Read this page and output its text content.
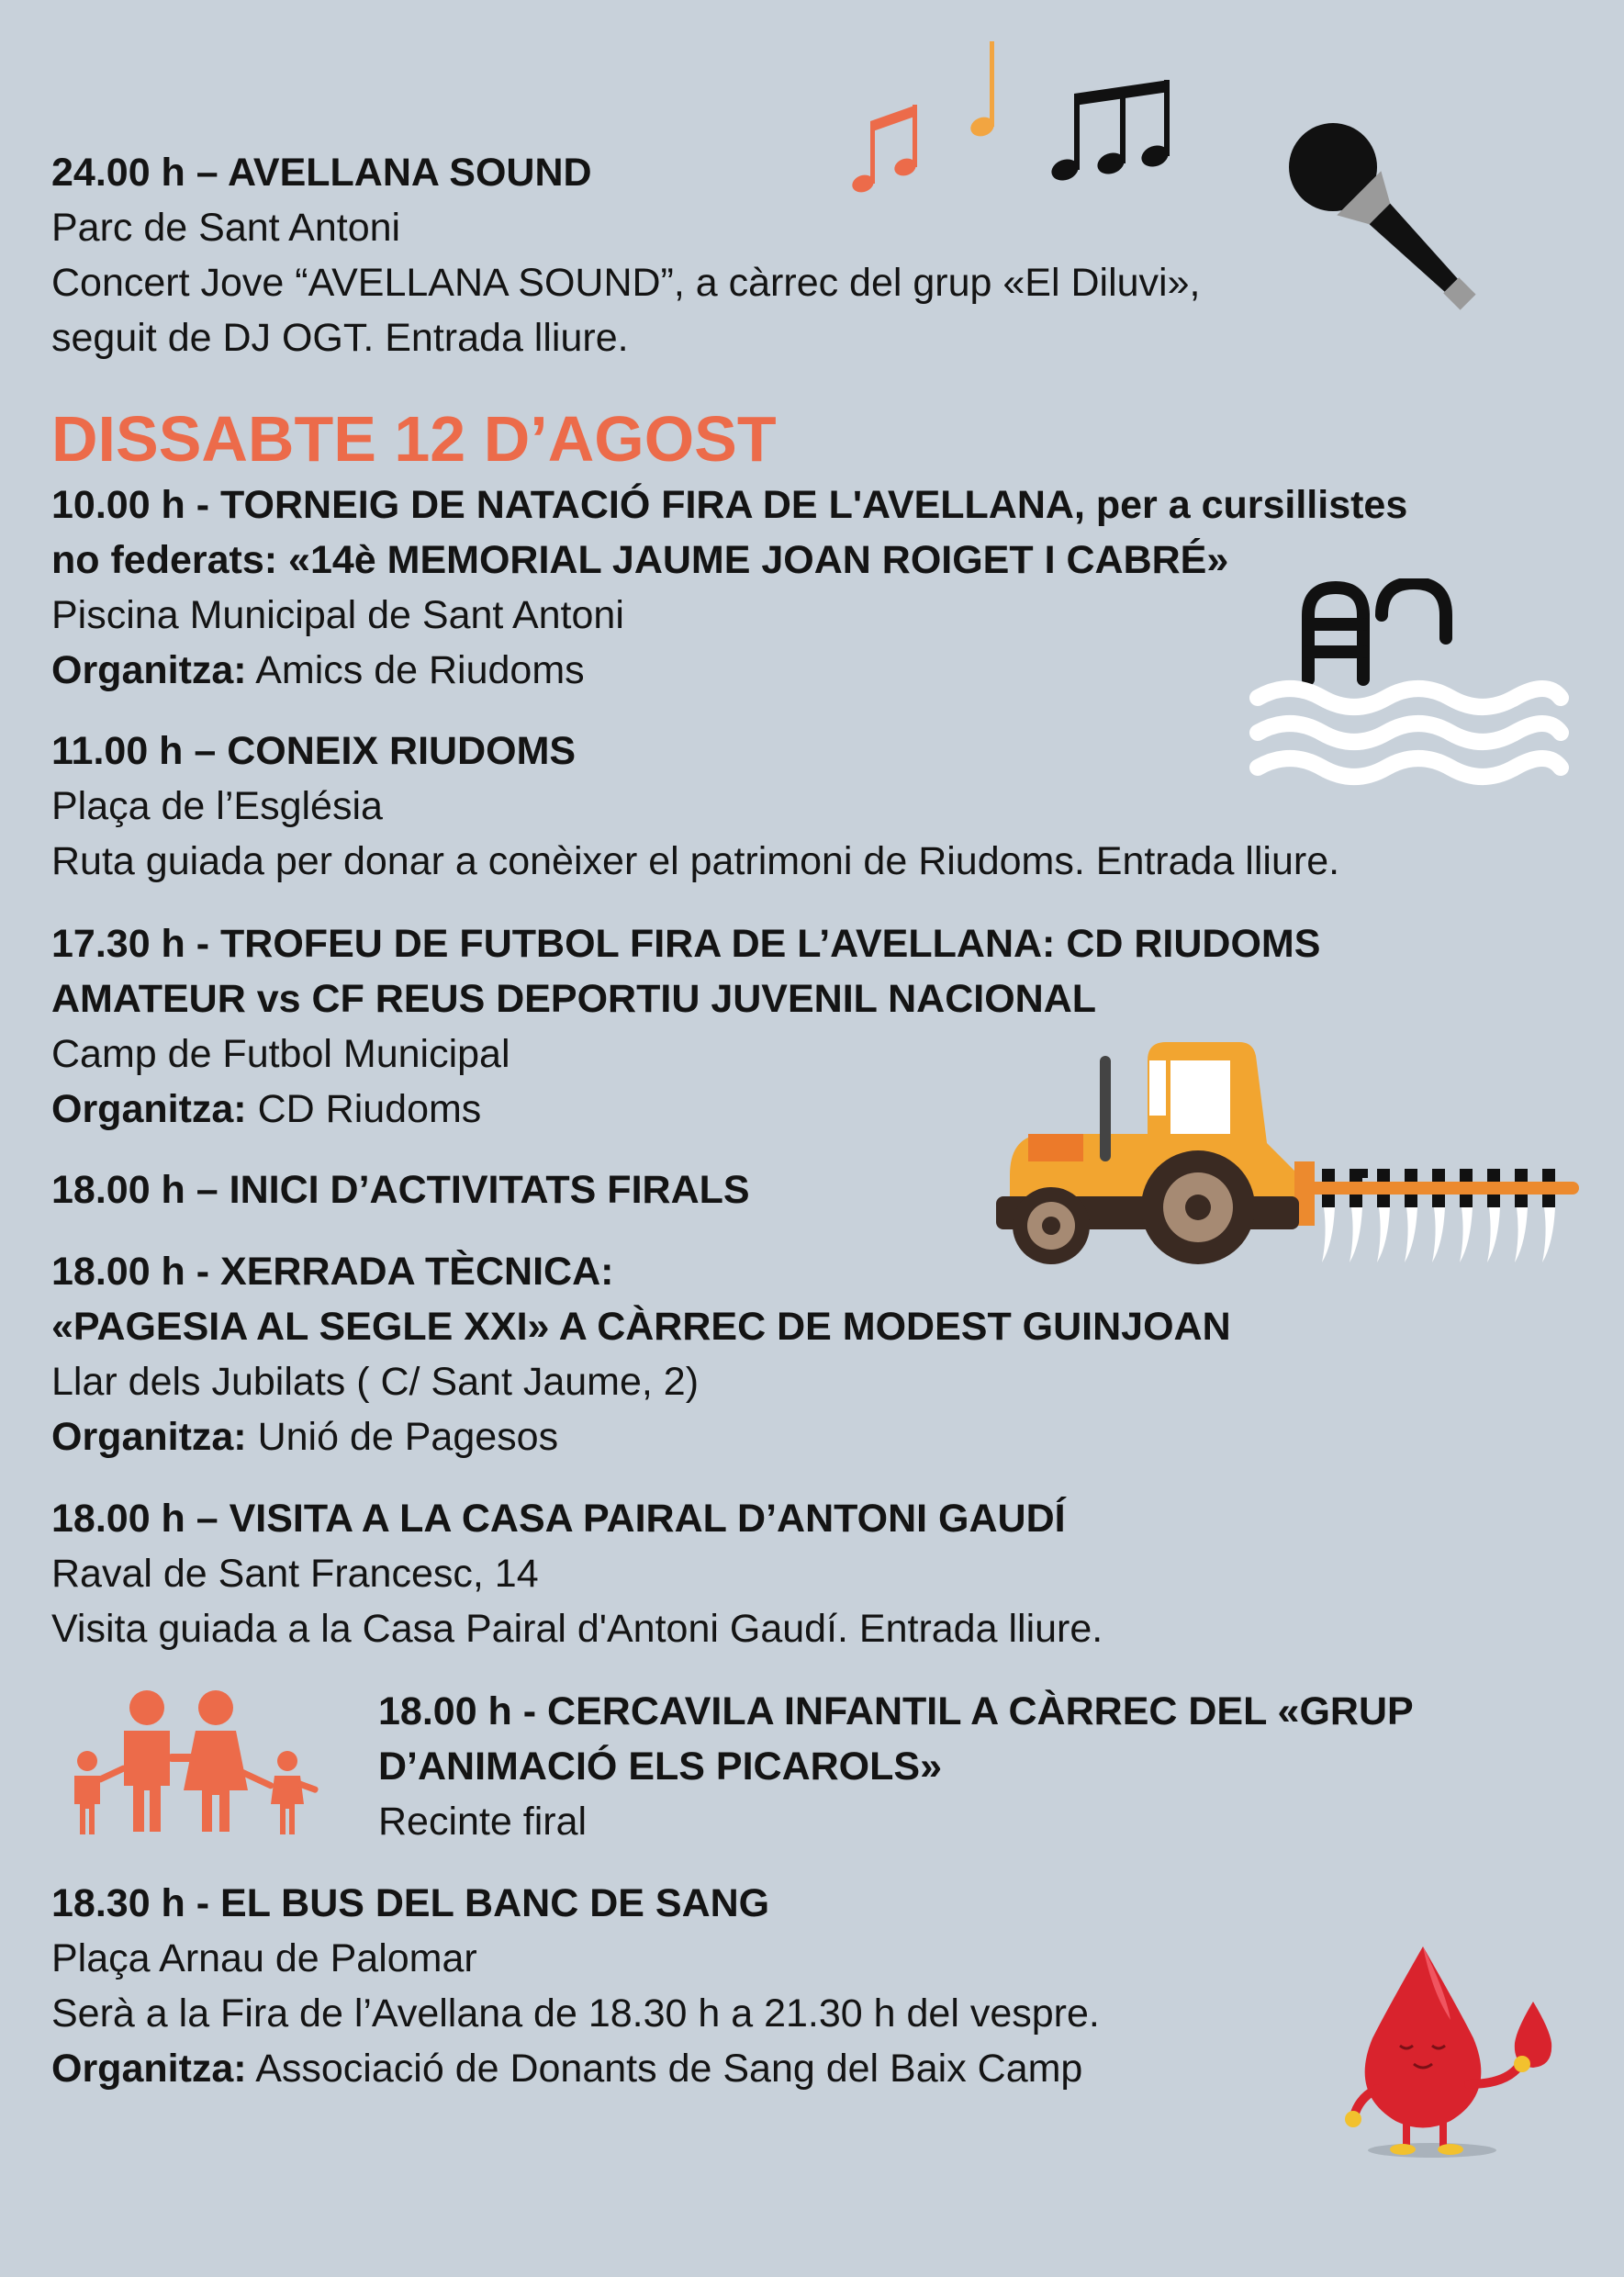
24.00 h – AVELLANA SOUND
Parc de Sant Antoni
Concert Jove “AVELLANA SOUND”, a càrrec del grup «El Diluvi»,
seguit de DJ OGT. Entrada lliure.
DISSABTE 12 D’AGOST
10.00 h - TORNEIG DE NATACIÓ FIRA DE L'AVELLANA, per a cursillistes
no federats: «14è MEMORIAL JAUME JOAN ROIGET I CABRÉ»
Piscina Municipal de Sant Antoni
Organitza: Amics de Riudoms
11.00 h – CONEIX RIUDOMS
Plaça de l’Església
Ruta guiada per donar a conèixer el patrimoni de Riudoms. Entrada lliure.
17.30 h - TROFEU DE FUTBOL FIRA DE L’AVELLANA: CD RIUDOMS
AMATEUR vs CF REUS DEPORTIU JUVENIL NACIONAL
Camp de Futbol Municipal
Organitza: CD Riudoms
18.00 h – INICI D’ACTIVITATS FIRALS
18.00 h - XERRADA TÈCNICA:
«PAGESIA AL SEGLE XXI» A CÀRREC DE MODEST GUINJOAN
Llar dels Jubilats ( C/ Sant Jaume, 2)
Organitza: Unió de Pagesos
18.00 h – VISITA A LA CASA PAIRAL D’ANTONI GAUDÍ
Raval de Sant Francesc, 14
Visita guiada a la Casa Pairal d'Antoni Gaudí. Entrada lliure.
18.00 h - CERCAVILA INFANTIL A CÀRREC DEL «GRUP
D’ANIMACIÓ ELS PICAROLS»
Recinte firal
18.30 h - EL BUS DEL BANC DE SANG
Plaça Arnau de Palomar
Serà a la Fira de l’Avellana de 18.30 h a 21.30 h del vespre.
Organitza: Associació de Donants de Sang del Baix Camp
